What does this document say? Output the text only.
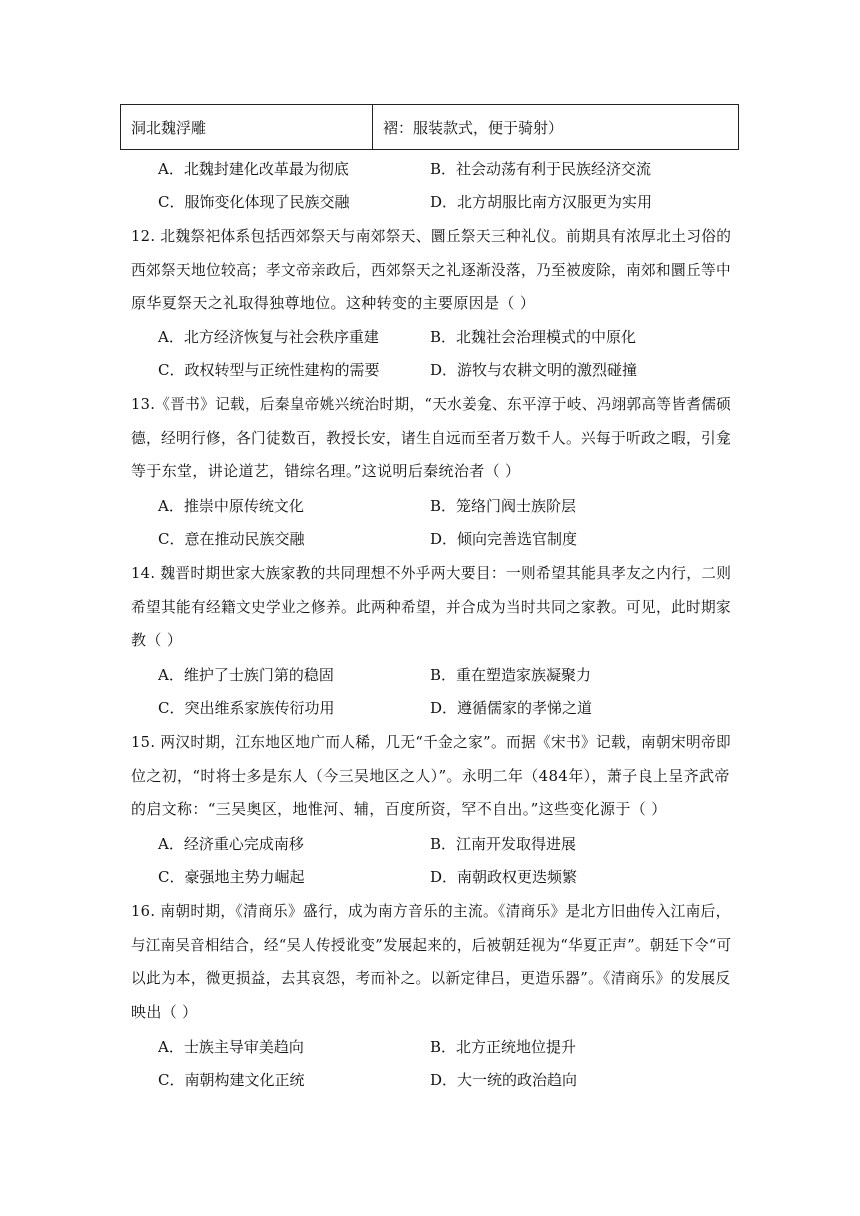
洞北魏浮雕	褶：服装款式，便于骑射）
A．北魏封建化改革最为彻底	B．社会动荡有利于民族经济交流
C．服饰变化体现了民族交融	D．北方胡服比南方汉服更为实用
12. 北魏祭祀体系包括西郊祭天与南郊祭天、圜丘祭天三种礼仪。前期具有浓厚北土习俗的
西郊祭天地位较高；孝文帝亲政后，西郊祭天之礼逐渐没落，乃至被废除，南郊和圜丘等中
原华夏祭天之礼取得独尊地位。这种转变的主要原因是（ ）
A．北方经济恢复与社会秩序重建	B．北魏社会治理模式的中原化
C．政权转型与正统性建构的需要	D．游牧与农耕文明的激烈碰撞
13.《晋书》记载，后秦皇帝姚兴统治时期，“天水姜龛、东平淳于岐、冯翊郭高等皆耆儒硕
德，经明行修，各门徒数百，教授长安，诸生自远而至者万数千人。兴每于听政之暇，引龛
等于东堂，讲论道艺，错综名理。”这说明后秦统治者（ ）
A．推崇中原传统文化	B．笼络门阀士族阶层
C．意在推动民族交融	D．倾向完善选官制度
14. 魏晋时期世家大族家教的共同理想不外乎两大要目：一则希望其能具孝友之内行，二则
希望其能有经籍文史学业之修养。此两种希望，并合成为当时共同之家教。可见，此时期家
教（ ）
A．维护了士族门第的稳固	B．重在塑造家族凝聚力
C．突出维系家族传衍功用	D．遵循儒家的孝悌之道
15. 两汉时期，江东地区地广而人稀，几无“千金之家”。而据《宋书》记载，南朝宋明帝即
位之初，“时将士多是东人（今三吴地区之人）”。永明二年（484年），萧子良上呈齐武帝
的启文称：“三吴奥区，地惟河、辅，百度所资，罕不自出。”这些变化源于（ ）
A．经济重心完成南移	B．江南开发取得进展
C．豪强地主势力崛起	D．南朝政权更迭频繁
16. 南朝时期，《清商乐》盛行，成为南方音乐的主流。《清商乐》是北方旧曲传入江南后，
与江南吴音相结合，经“吴人传授讹变”发展起来的，后被朝廷视为“华夏正声”。朝廷下令“可
以此为本，微更损益，去其哀怨，考而补之。以新定律吕，更造乐器”。《清商乐》的发展反
映出（ ）
A．士族主导审美趋向	B．北方正统地位提升
C．南朝构建文化正统	D．大一统的政治趋向
